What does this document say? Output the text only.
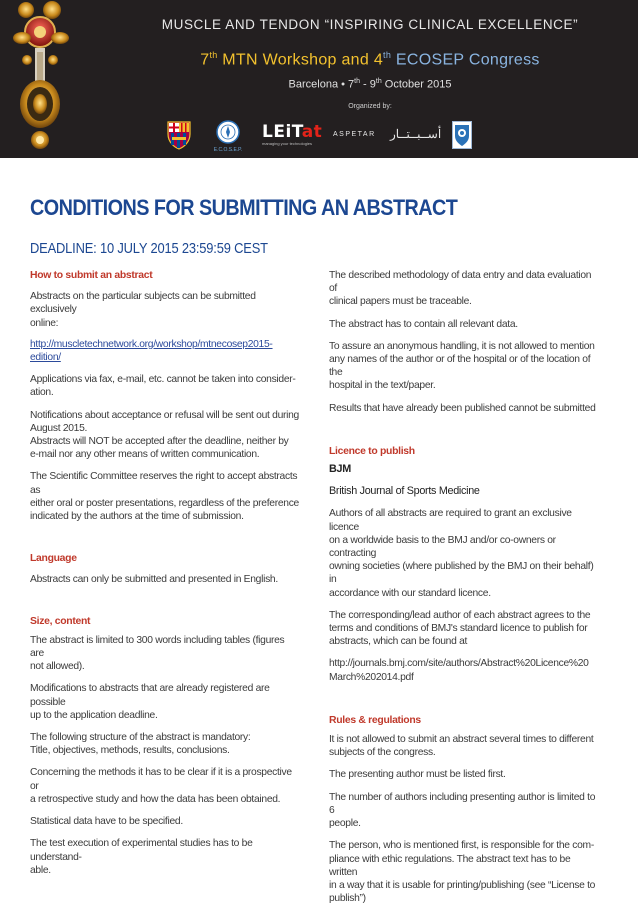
MUSCLE AND TENDON “INSPIRING CLINICAL EXCELLENCE”
7th MTN Workshop and 4th ECOSEP Congress
Barcelona • 7th - 9th October 2015
Organized by:
E.C.O.S.E.P.
LEiTat
managing your technologies
ASPETAR أســبــتــار
CONDITIONS FOR SUBMITTING AN ABSTRACT
DEADLINE: 10 JULY 2015 23:59:59 CEST

How to submit an abstract

Abstracts on the particular subjects can be submitted exclusively
online:

http://muscletechnetwork.org/workshop/mtnecosep2015-edition/

Applications via fax, e-mail, etc. cannot be taken into consider-
ation.

Notifications about acceptance or refusal will be sent out during
August 2015.
Abstracts will NOT be accepted after the deadline, neither by
e-mail nor any other means of written communication.

The Scientific Committee reserves the right to accept abstracts as
either oral or poster presentations, regardless of the preference
indicated by the authors at the time of submission.

Language

Abstracts can only be submitted and presented in English.

Size, content

The abstract is limited to 300 words including tables (figures are
not allowed).

Modifications to abstracts that are already registered are possible
up to the application deadline.

The following structure of the abstract is mandatory:
Title, objectives, methods, results, conclusions.

Concerning the methods it has to be clear if it is a prospective or
a retrospective study and how the data has been obtained.

Statistical data have to be specified.

The test execution of experimental studies has to be understand-
able.

The described methodology of data entry and data evaluation of
clinical papers must be traceable.

The abstract has to contain all relevant data.

To assure an anonymous handling, it is not allowed to mention
any names of the author or of the hospital or of the location of the
hospital in the text/paper.

Results that have already been published cannot be submitted

Licence to publish

BJM

British Journal of Sports Medicine

Authors of all abstracts are required to grant an exclusive licence
on a worldwide basis to the BMJ and/or co-owners or contracting
owning societies (where published by the BMJ on their behalf) in
accordance with our standard licence.

The corresponding/lead author of each abstract agrees to the
terms and conditions of BMJ's standard licence to publish for
abstracts, which can be found at

http://journals.bmj.com/site/authors/Abstract%20Licence%20
March%202014.pdf

Rules & regulations

It is not allowed to submit an abstract several times to different
subjects of the congress.

The presenting author must be listed first.

The number of authors including presenting author is limited to 6
people.

The person, who is mentioned first, is responsible for the com-
pliance with ethic regulations. The abstract text has to be written
in a way that it is usable for printing/publishing (see “License to
publish”)
